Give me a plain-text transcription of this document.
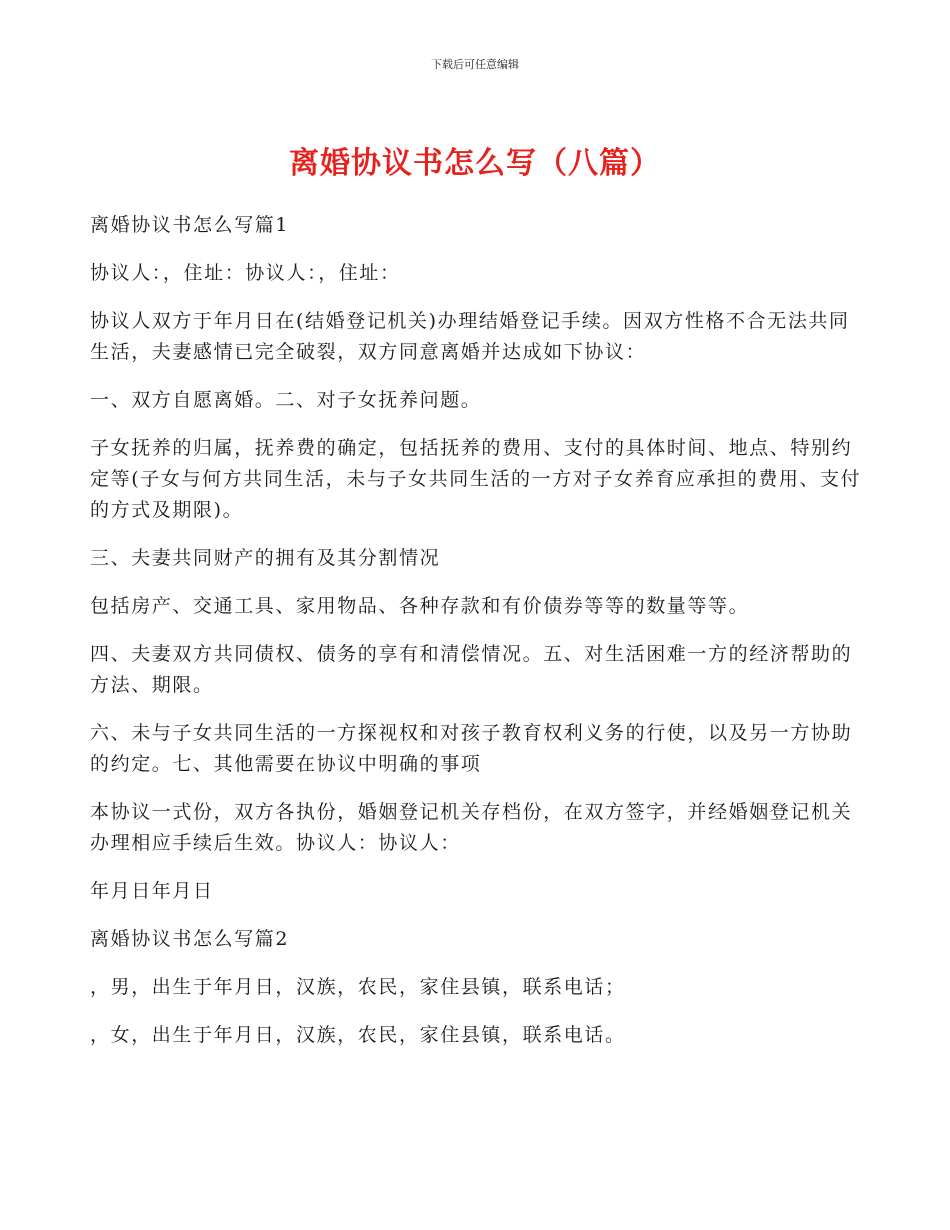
下载后可任意编辑
离婚协议书怎么写（八篇）

离婚协议书怎么写篇1

协议人：，住址：协议人：，住址：

协议人双方于年月日在(结婚登记机关)办理结婚登记手续。因双方性格不合无法共同生活，夫妻感情已完全破裂，双方同意离婚并达成如下协议：

一、双方自愿离婚。二、对子女抚养问题。

子女抚养的归属，抚养费的确定，包括抚养的费用、支付的具体时间、地点、特别约定等(子女与何方共同生活，未与子女共同生活的一方对子女养育应承担的费用、支付的方式及期限)。

三、夫妻共同财产的拥有及其分割情况

包括房产、交通工具、家用物品、各种存款和有价债券等等的数量等等。

四、夫妻双方共同债权、债务的享有和清偿情况。五、对生活困难一方的经济帮助的方法、期限。

六、未与子女共同生活的一方探视权和对孩子教育权利义务的行使，以及另一方协助的约定。七、其他需要在协议中明确的事项

本协议一式份，双方各执份，婚姻登记机关存档份，在双方签字，并经婚姻登记机关办理相应手续后生效。协议人：协议人：

年月日年月日

离婚协议书怎么写篇2

，男，出生于年月日，汉族，农民，家住县镇，联系电话；

，女，出生于年月日，汉族，农民，家住县镇，联系电话。
